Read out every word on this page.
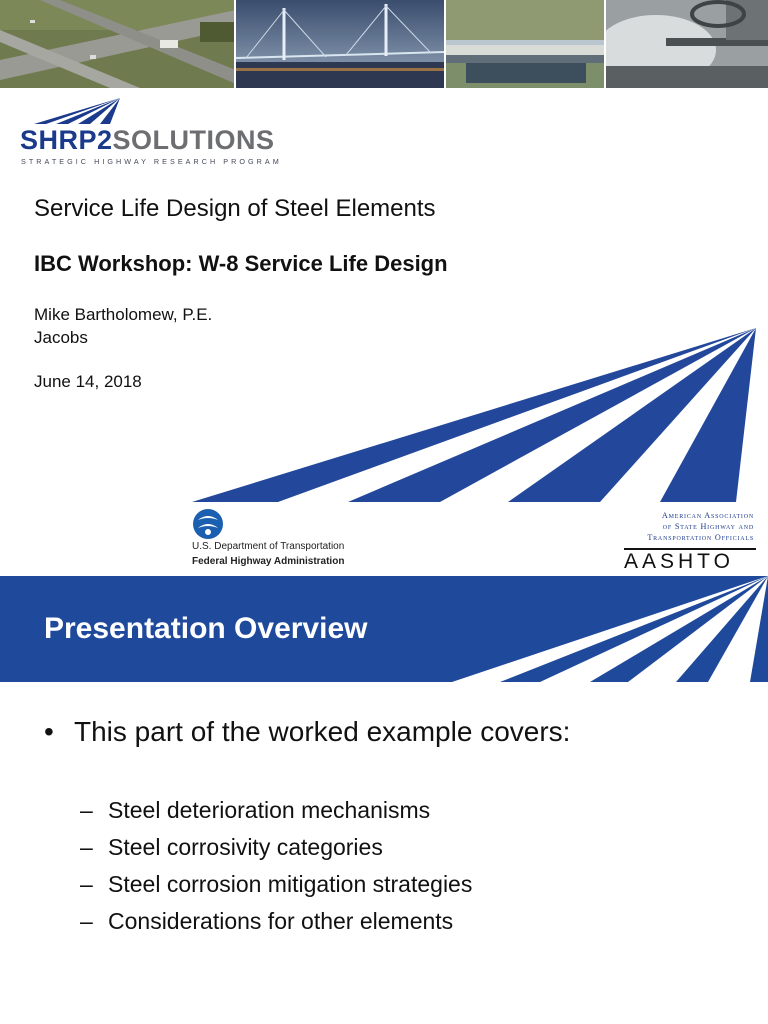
SHRP2SOLUTIONS
STRATEGIC HIGHWAY RESEARCH PROGRAM
Service Life Design of Steel Elements
IBC Workshop: W-8 Service Life Design
Mike Bartholomew, P.E.
Jacobs
June 14, 2018
U.S. Department of Transportation
Federal Highway Administration
American Association
of State Highway and
Transportation Officials
AASHTO
Presentation Overview
• This part of the worked example covers:
– Steel deterioration mechanisms
– Steel corrosivity categories
– Steel corrosion mitigation strategies
– Considerations for other elements
